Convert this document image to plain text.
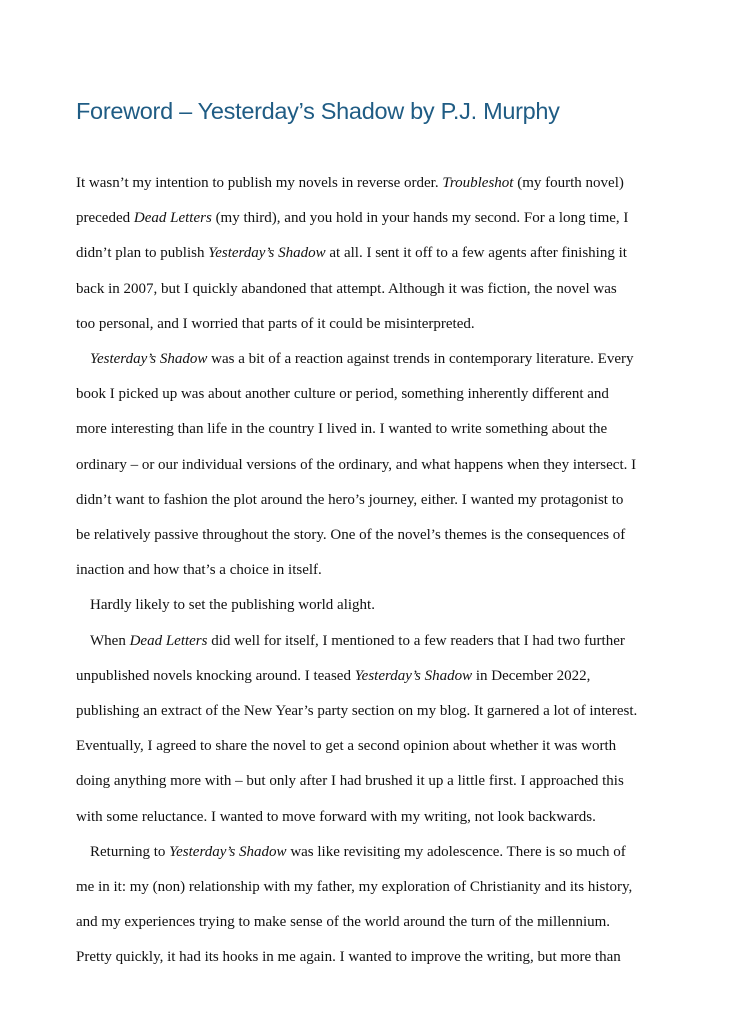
Foreword – Yesterday’s Shadow by P.J. Murphy

It wasn’t my intention to publish my novels in reverse order. Troubleshot (my fourth novel)

preceded Dead Letters (my third), and you hold in your hands my second. For a long time, I

didn’t plan to publish Yesterday’s Shadow at all. I sent it off to a few agents after finishing it

back in 2007, but I quickly abandoned that attempt. Although it was fiction, the novel was

too personal, and I worried that parts of it could be misinterpreted.

Yesterday’s Shadow was a bit of a reaction against trends in contemporary literature. Every

book I picked up was about another culture or period, something inherently different and

more interesting than life in the country I lived in. I wanted to write something about the

ordinary – or our individual versions of the ordinary, and what happens when they intersect. I

didn’t want to fashion the plot around the hero’s journey, either. I wanted my protagonist to

be relatively passive throughout the story. One of the novel’s themes is the consequences of

inaction and how that’s a choice in itself.

Hardly likely to set the publishing world alight.

When Dead Letters did well for itself, I mentioned to a few readers that I had two further

unpublished novels knocking around. I teased Yesterday’s Shadow in December 2022,

publishing an extract of the New Year’s party section on my blog. It garnered a lot of interest.

Eventually, I agreed to share the novel to get a second opinion about whether it was worth

doing anything more with – but only after I had brushed it up a little first. I approached this

with some reluctance. I wanted to move forward with my writing, not look backwards.

Returning to Yesterday’s Shadow was like revisiting my adolescence. There is so much of

me in it: my (non) relationship with my father, my exploration of Christianity and its history,

and my experiences trying to make sense of the world around the turn of the millennium.

Pretty quickly, it had its hooks in me again. I wanted to improve the writing, but more than
